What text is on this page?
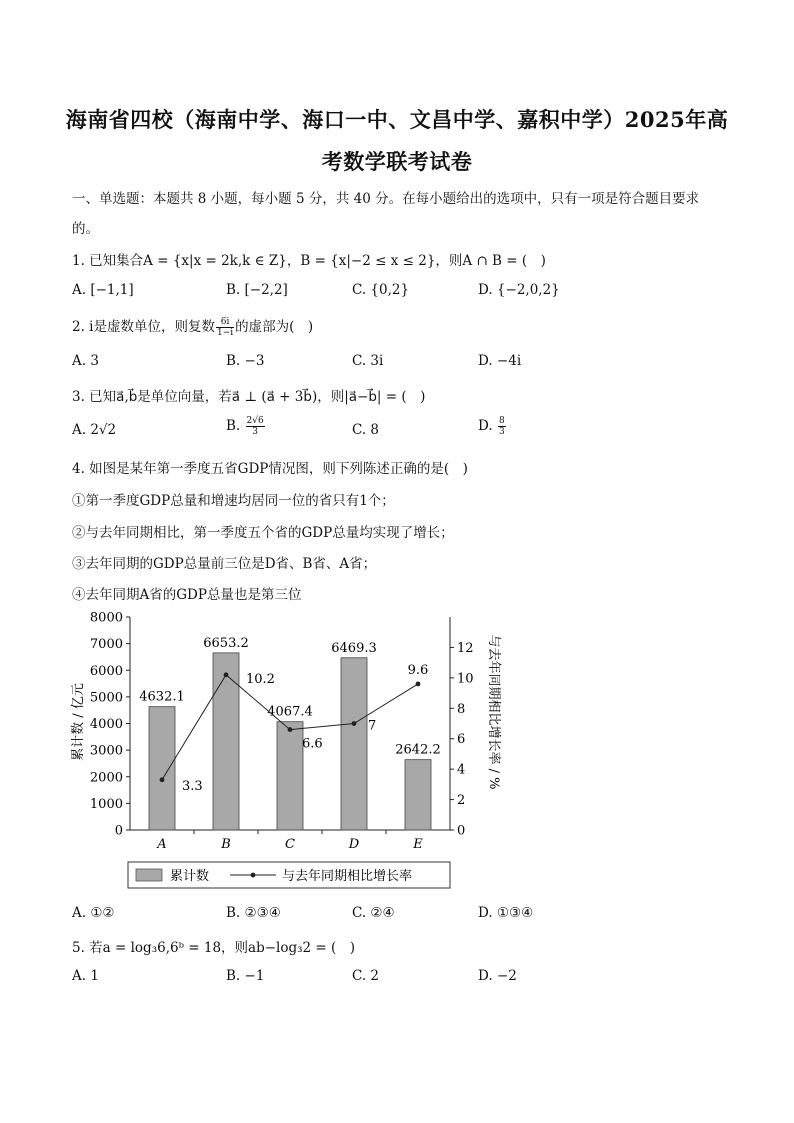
海南省四校（海南中学、海口一中、文昌中学、嘉积中学）2025年高
考数学联考试卷
一、单选题：本题共 8 小题，每小题 5 分，共 40 分。在每小题给出的选项中，只有一项是符合题目要求
的。
1. 已知集合A = {x|x = 2k,k ∈ Z}，B = {x|−2 ≤ x ≤ 2}，则A ∩ B = (　)
A. [−1,1]	B. [−2,2]	C. {0,2}	D. {−2,0,2}
2. i是虚数单位，则复数 $\frac{6i}{1-i}$ 的虚部为(　)
A. 3	B. −3	C. 3i	D. −4i
3. 已知a⃗,b⃗是单位向量，若a⃗ ⊥ (a⃗ + 3b⃗)，则|a⃗−b⃗| = (　)
A. 2√2	B. $\frac{2√6}{3}$	C. 8	D. $\frac{8}{3}$
4. 如图是某年第一季度五省GDP情况图，则下列陈述正确的是(　)
①第一季度GDP总量和增速均居同一位的省只有1个；
②与去年同期相比，第一季度五个省的GDP总量均实现了增长；
③去年同期的GDP总量前三位是D省、B省、A省；
④去年同期A省的GDP总量也是第三位
0
1000
2000
3000
4000
5000
6000
7000
8000
0
2
4
6
8
10
12
A	B	C	D	E
4632.1
6653.2
4067.4
6469.3
2642.2
3.3
10.2
6.6
7
9.6
累计数 / 亿元	与去年同期相比增长率 / %
累计数	与去年同期相比增长率
A. ①②	B. ②③④	C. ②④	D. ①③④
5. 若a = log₃6,6ᵇ = 18，则ab−log₃2 = (　)
A. 1	B. −1	C. 2	D. −2
